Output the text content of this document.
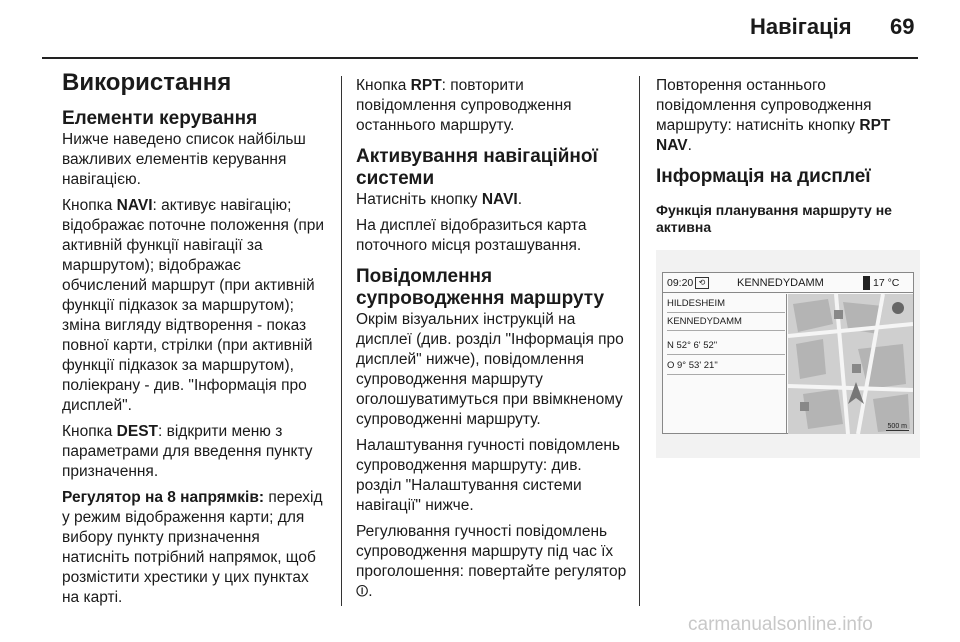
Навігація 69
Використання
Елементи керування

Нижче наведено список найбільш важливих елементів керування навігацією.

Кнопка NAVI: активує навігацію; відображає поточне положення (при активній функції навігації за маршрутом); відображає обчислений маршрут (при активній функції підказок за маршрутом); зміна вигляду відтворення - показ повної карти, стрілки (при активній функції підказок за маршрутом), поліекрану - див. "Інформація про дисплей".

Кнопка DEST: відкрити меню з параметрами для введення пункту призначення.

Регулятор на 8 напрямків: перехід у режим відображення карти; для вибору пункту призначення натисніть потрібний напрямок, щоб розмістити хрестики у цих пунктах на карті.

Кнопка RPT: повторити повідомлення супроводження останнього маршруту.

Активування навігаційної системи

Натисніть кнопку NAVI.

На дисплеї відобразиться карта поточного місця розташування.

Повідомлення супроводження маршруту

Окрім візуальних інструкцій на дисплеї (див. розділ "Інформація про дисплей" нижче), повідомлення супроводження маршруту оголошуватимуться при ввімкненому супроводженні маршруту.

Налаштування гучності повідомлень супроводження маршруту: див. розділ "Налаштування системи навігації" нижче.

Регулювання гучності повідомлень супроводження маршруту під час їх проголошення: повертайте регулятор ⏼.

Повторення останнього повідомлення супроводження маршруту: натисніть кнопку RPT NAV.

Інформація на дисплеї
Функція планування маршруту не активна
09:20 ⟲	KENNEDYDAMM	17 °C
HILDESHEIM
KENNEDYDAMM
N 52° 6' 52"
O 9° 53' 21"
500 m
carmanualsonline.info
